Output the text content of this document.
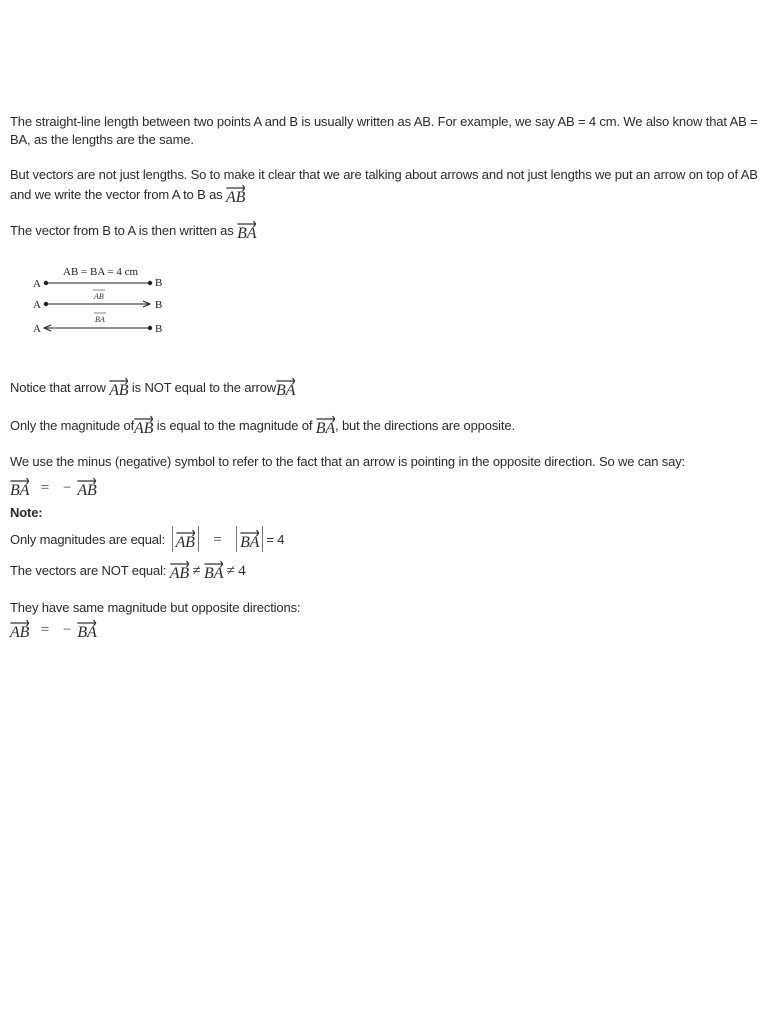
The straight-line length between two points A and B is usually written as AB. For example, we say AB = 4 cm. We also know that AB = BA, as the lengths are the same.

But vectors are not just lengths. So to make it clear that we are talking about arrows and not just lengths we put an arrow on top of AB and we write the vector from A to B as AB

The vector from B to A is then written as BA

AB = BA = 4 cm
A	B
AB
A	B
BA
A	B

Notice that arrow AB is NOT equal to the arrow
BA

Only the magnitude of
AB is equal to the magnitude of BA, but the directions are opposite.

We use the minus (negative) symbol to refer to the fact that an arrow is pointing in the opposite direction. So we can say:

BA = − AB

Note:

Only magnitudes are equal: AB = BA = 4

The vectors are NOT equal: AB ≠ BA ≠ 4

They have same magnitude but opposite directions:

AB = − BA
